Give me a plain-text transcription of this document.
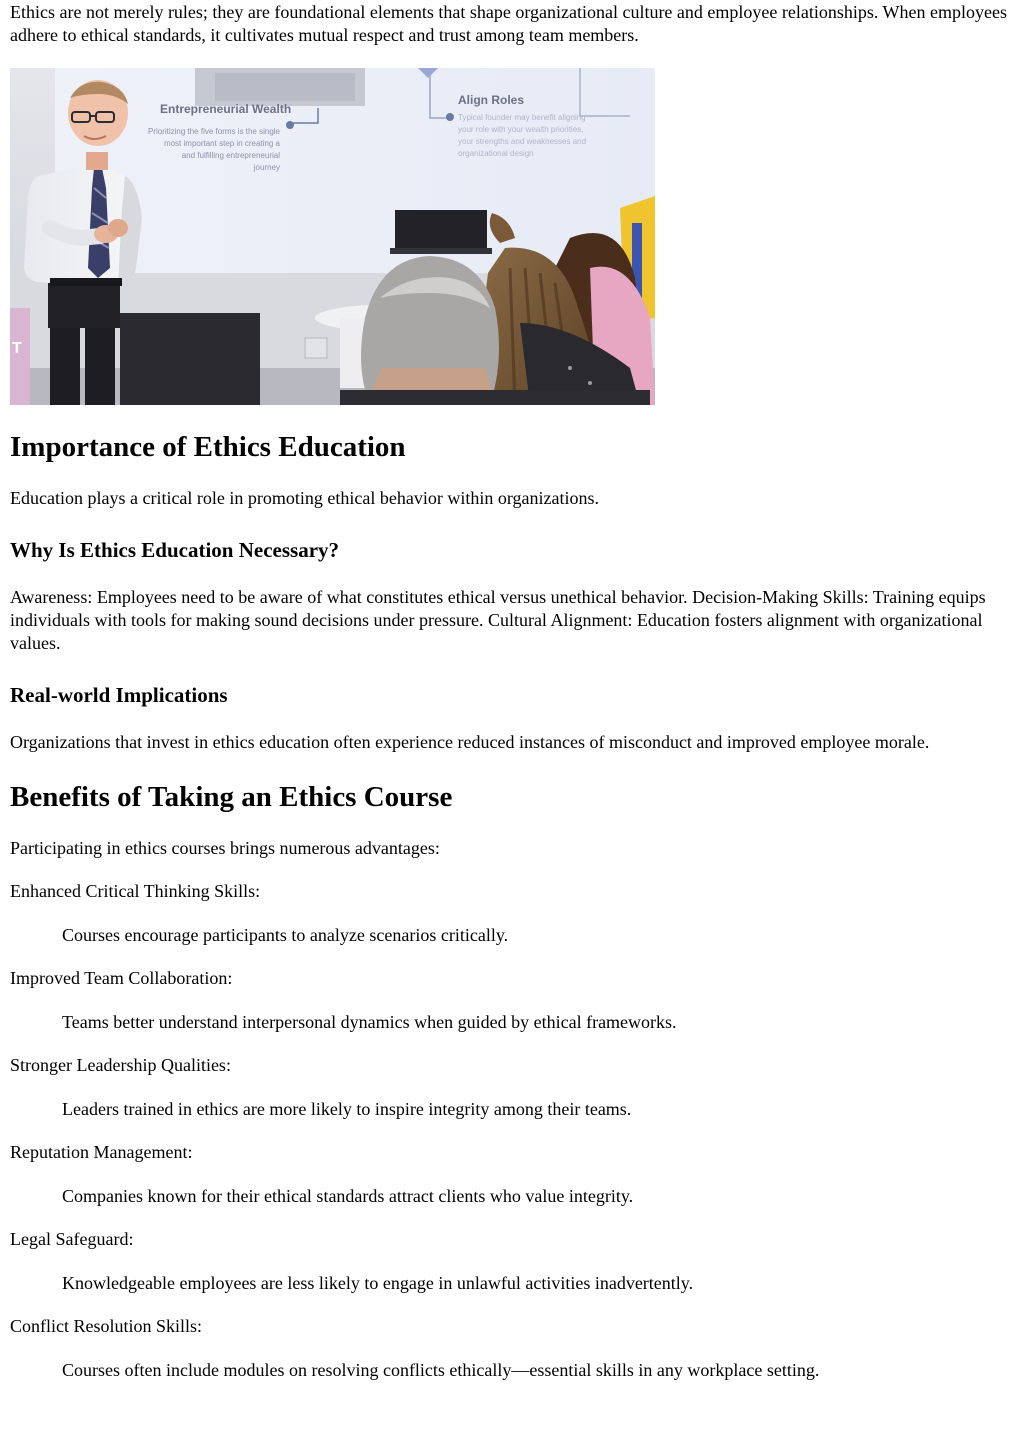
Ethics are not merely rules; they are foundational elements that shape organizational culture and employee relationships. When employees adhere to ethical standards, it cultivates mutual respect and trust among team members.

Entrepreneurial Wealth
Prioritizing the five forms is the single
most important step in creating a
and fulfilling entrepreneurial
journey
Align Roles
Typical founder may benefit aligning
your role with your wealth priorities,
your strengths and weaknesses and
organizational design
T
Importance of Ethics Education

Education plays a critical role in promoting ethical behavior within organizations.

Why Is Ethics Education Necessary?

Awareness: Employees need to be aware of what constitutes ethical versus unethical behavior. Decision-Making Skills: Training equips individuals with tools for making sound decisions under pressure. Cultural Alignment: Education fosters alignment with organizational values.

Real-world Implications

Organizations that invest in ethics education often experience reduced instances of misconduct and improved employee morale.

Benefits of Taking an Ethics Course

Participating in ethics courses brings numerous advantages:

Enhanced Critical Thinking Skills:

Courses encourage participants to analyze scenarios critically.

Improved Team Collaboration:

Teams better understand interpersonal dynamics when guided by ethical frameworks.

Stronger Leadership Qualities:

Leaders trained in ethics are more likely to inspire integrity among their teams.

Reputation Management:

Companies known for their ethical standards attract clients who value integrity.

Legal Safeguard:

Knowledgeable employees are less likely to engage in unlawful activities inadvertently.

Conflict Resolution Skills:

Courses often include modules on resolving conflicts ethically—essential skills in any workplace setting.
